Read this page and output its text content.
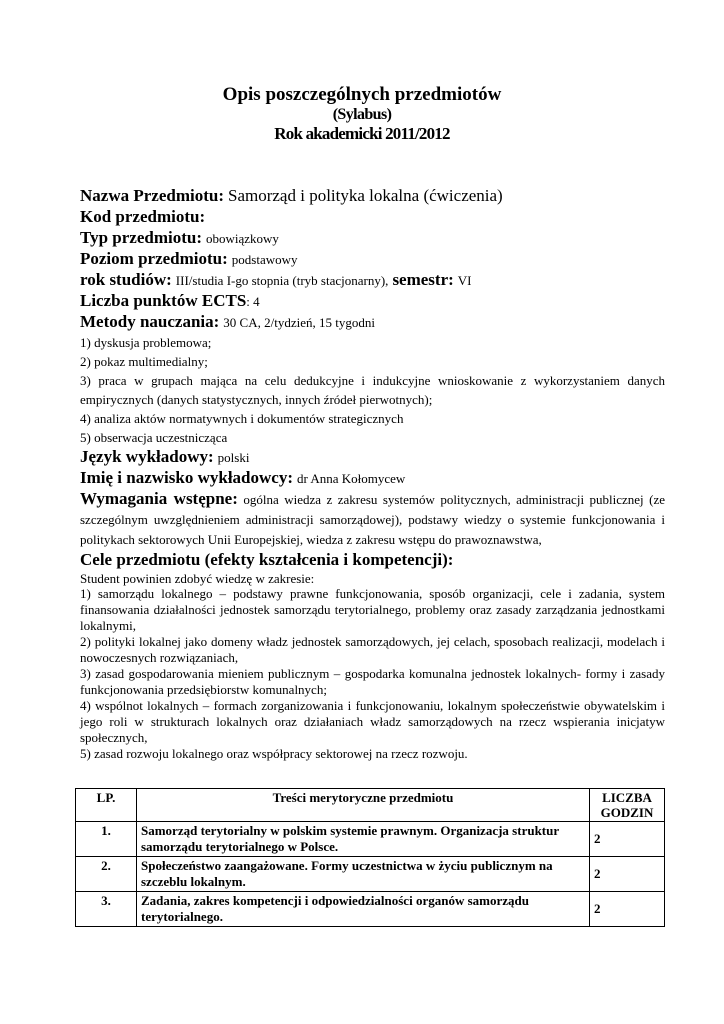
Opis poszczególnych przedmiotów
(Sylabus)
Rok akademicki 2011/2012
Nazwa Przedmiotu: Samorząd i polityka lokalna (ćwiczenia)
Kod przedmiotu:
Typ przedmiotu: obowiązkowy
Poziom przedmiotu: podstawowy
rok studiów: III/studia I-go stopnia (tryb stacjonarny), semestr: VI
Liczba punktów ECTS: 4
Metody nauczania: 30 CA, 2/tydzień, 15 tygodni
1) dyskusja problemowa;
2) pokaz multimedialny;
3) praca w grupach mająca na celu dedukcyjne i indukcyjne wnioskowanie z wykorzystaniem danych empirycznych (danych statystycznych, innych źródeł pierwotnych);
4) analiza aktów normatywnych i dokumentów strategicznych
5) obserwacja uczestnicząca
Język wykładowy: polski
Imię i nazwisko wykładowcy: dr Anna Kołomycew
Wymagania wstępne: ogólna wiedza z zakresu systemów politycznych, administracji publicznej (ze szczególnym uwzględnieniem administracji samorządowej), podstawy wiedzy o systemie funkcjonowania i politykach sektorowych Unii Europejskiej, wiedza z zakresu wstępu do prawoznawstwa,
Cele przedmiotu (efekty kształcenia i kompetencji):
Student powinien zdobyć wiedzę w zakresie:
1) samorządu lokalnego – podstawy prawne funkcjonowania, sposób organizacji, cele i zadania, system finansowania działalności jednostek samorządu terytorialnego, problemy oraz zasady zarządzania jednostkami lokalnymi,
2) polityki lokalnej jako domeny władz jednostek samorządowych, jej celach, sposobach realizacji, modelach i nowoczesnych rozwiązaniach,
3) zasad gospodarowania mieniem publicznym – gospodarka komunalna jednostek lokalnych- formy i zasady funkcjonowania przedsiębiorstw komunalnych;
4) wspólnot lokalnych – formach zorganizowania i funkcjonowaniu, lokalnym społeczeństwie obywatelskim i jego roli w strukturach lokalnych oraz działaniach władz samorządowych na rzecz wspierania inicjatyw społecznych,
5) zasad rozwoju lokalnego oraz współpracy sektorowej na rzecz rozwoju.
LP.	Treści merytoryczne przedmiotu	LICZBA GODZIN
1.	Samorząd terytorialny w polskim systemie prawnym. Organizacja struktur samorządu terytorialnego w Polsce.	2
2.	Społeczeństwo zaangażowane. Formy uczestnictwa w życiu publicznym na szczeblu lokalnym.	2
3.	Zadania, zakres kompetencji i odpowiedzialności organów samorządu terytorialnego.	2
